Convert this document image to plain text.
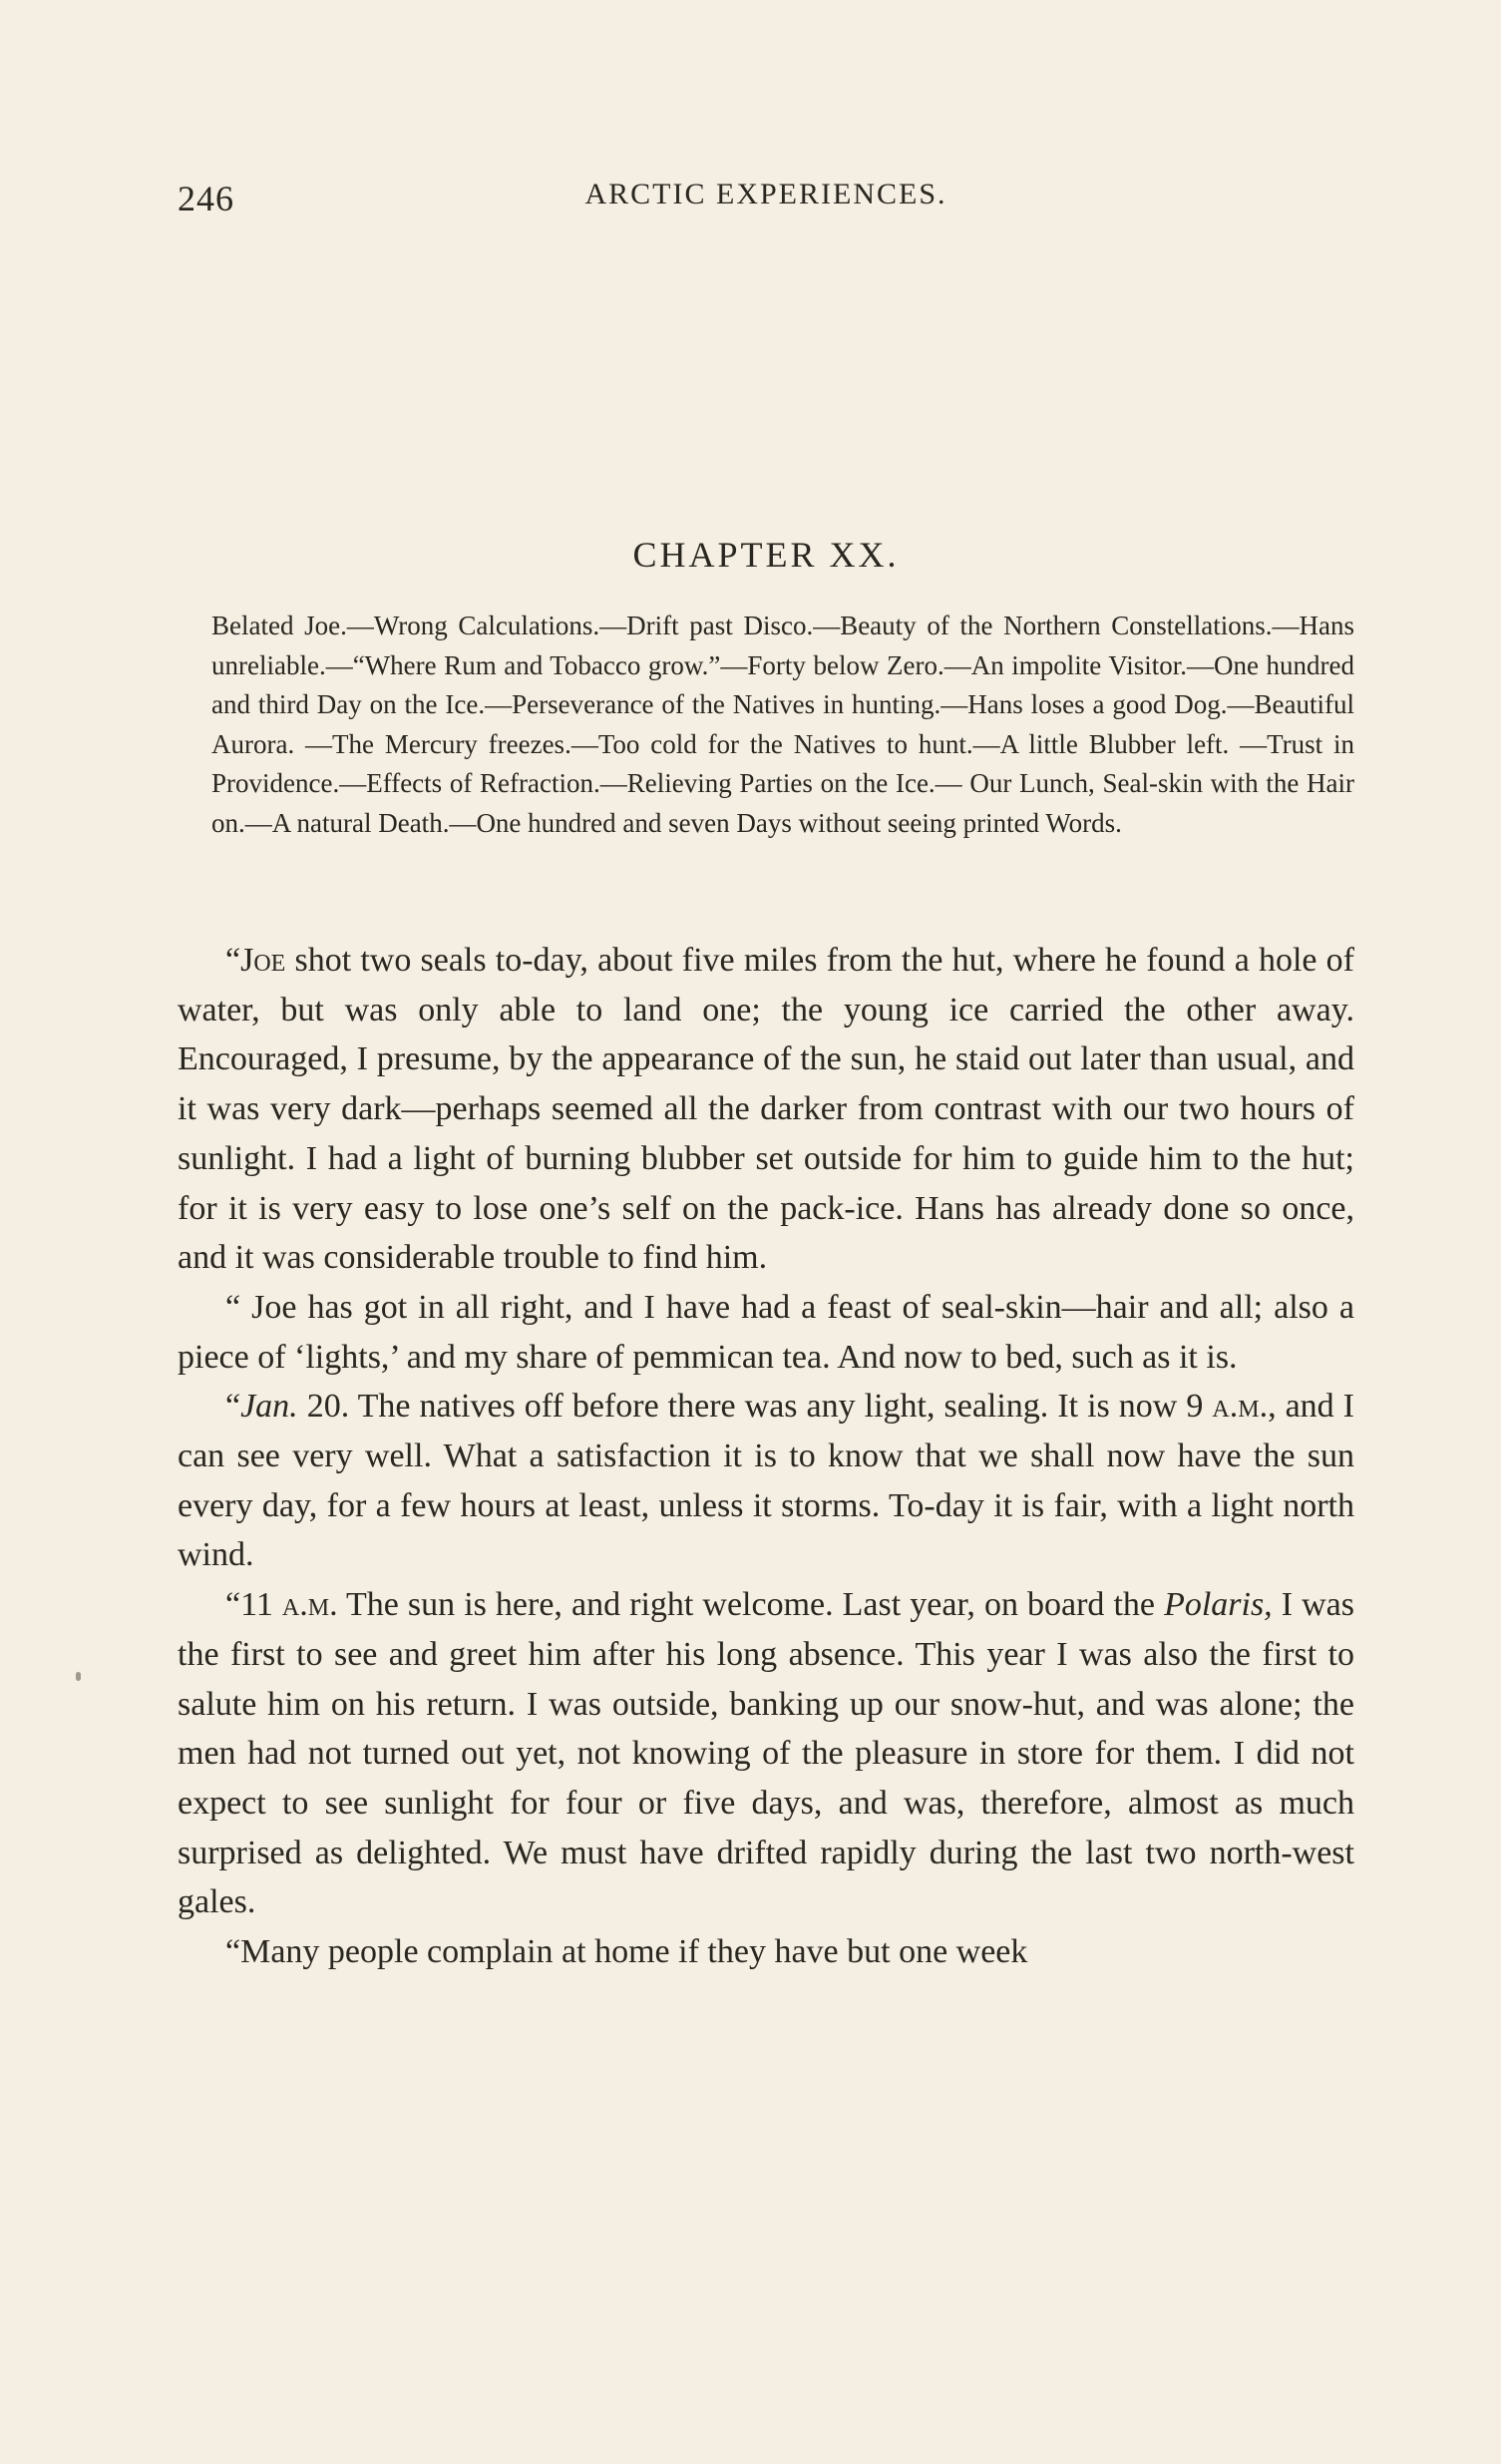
246	ARCTIC EXPERIENCES.
CHAPTER XX.
Belated Joe.—Wrong Calculations.—Drift past Disco.—Beauty of the Northern Constellations.—Hans unreliable.—“Where Rum and Tobacco grow.”—Forty below Zero.—An impolite Visitor.—One hundred and third Day on the Ice.—Perseverance of the Natives in hunting.—Hans loses a good Dog.—Beautiful Aurora. —The Mercury freezes.—Too cold for the Natives to hunt.—A little Blubber left. —Trust in Providence.—Effects of Refraction.—Relieving Parties on the Ice.— Our Lunch, Seal-skin with the Hair on.—A natural Death.—One hundred and seven Days without seeing printed Words.

“Joe shot two seals to-day, about five miles from the hut, where he found a hole of water, but was only able to land one; the young ice carried the other away. Encouraged, I presume, by the appearance of the sun, he staid out later than usual, and it was very dark—perhaps seemed all the darker from contrast with our two hours of sunlight. I had a light of burning blubber set outside for him to guide him to the hut; for it is very easy to lose one’s self on the pack-ice. Hans has already done so once, and it was considerable trouble to find him.

“ Joe has got in all right, and I have had a feast of seal-skin—hair and all; also a piece of ‘lights,’ and my share of pemmican tea. And now to bed, such as it is.

“Jan. 20. The natives off before there was any light, sealing. It is now 9 a.m., and I can see very well. What a satisfaction it is to know that we shall now have the sun every day, for a few hours at least, unless it storms. To-day it is fair, with a light north wind.

“11 a.m. The sun is here, and right welcome. Last year, on board the Polaris, I was the first to see and greet him after his long absence. This year I was also the first to salute him on his return. I was outside, banking up our snow-hut, and was alone; the men had not turned out yet, not knowing of the pleasure in store for them. I did not expect to see sunlight for four or five days, and was, therefore, almost as much surprised as delighted. We must have drifted rapidly during the last two north-west gales.

“Many people complain at home if they have but one week
